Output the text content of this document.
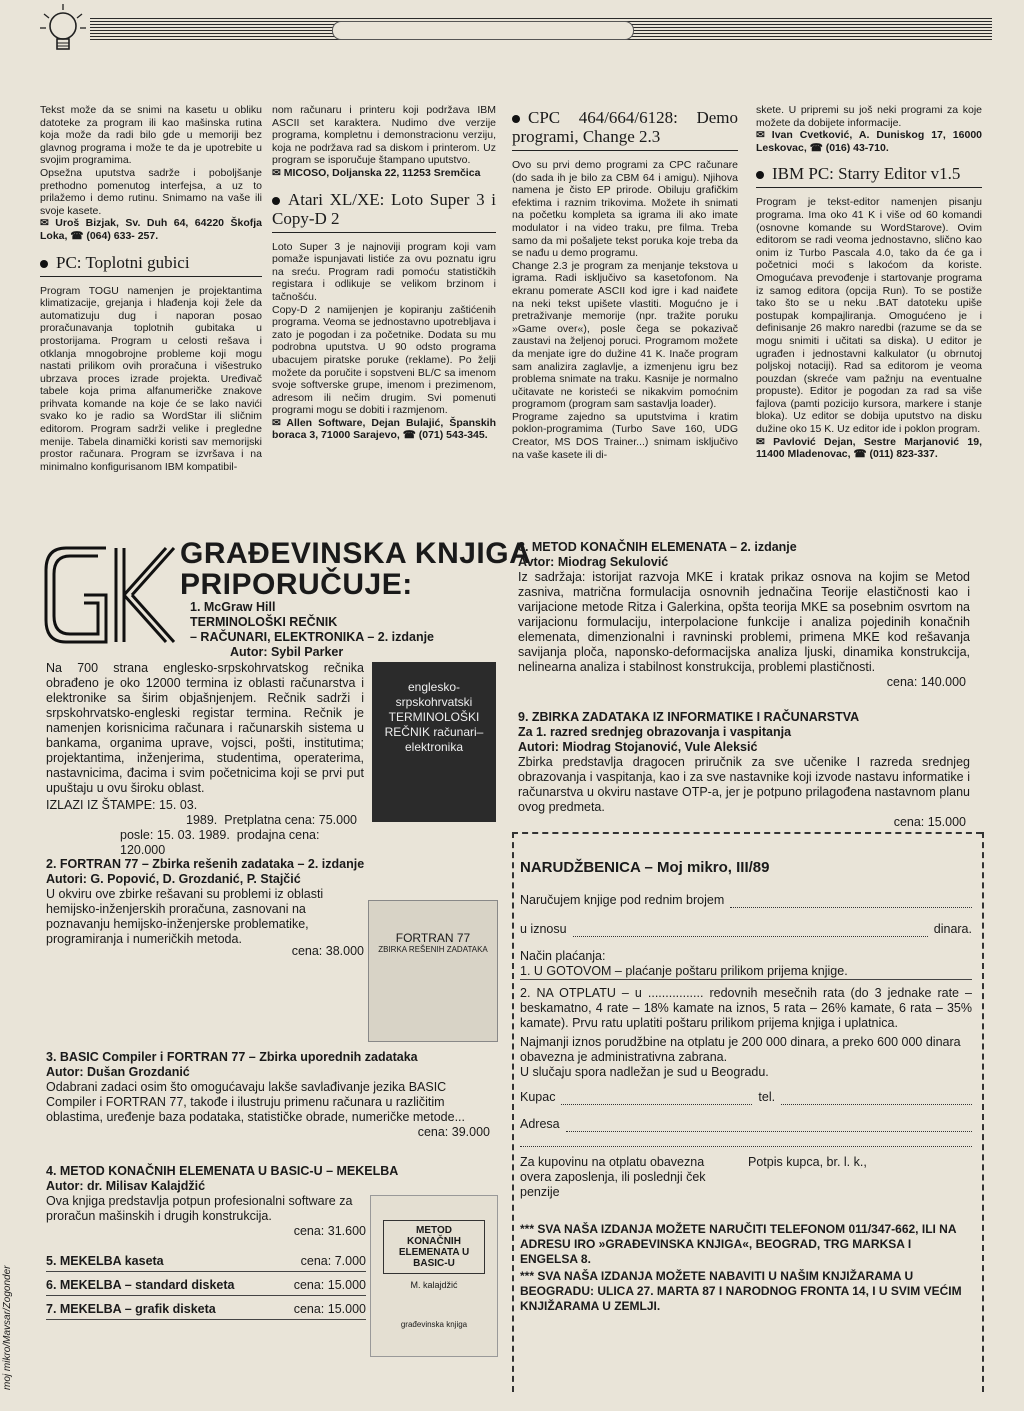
Tekst može da se snimi na kasetu u obliku datoteke za program ili kao mašinska rutina koja može da radi bilo gde u memoriji bez glavnog programa i može te da je upotrebite u svojim programima.

Opsežna uputstva sadrže i poboljšanje prethodno pomenutog interfejsa, a uz to prilažemo i demo rutinu. Snimamo na vaše ili svoje kasete.

✉ Uroš Bizjak, Sv. Duh 64, 64220 Škofja Loka, ☎ (064) 633- 257.

PC: Toplotni gubici

Program TOGU namenjen je projektantima klimatizacije, grejanja i hlađenja koji žele da automatizuju dug i naporan posao proračunavanja toplotnih gubitaka u prostorijama. Program u celosti rešava i otklanja mnogobrojne probleme koji mogu nastati prilikom ovih proračuna i višestruko ubrzava proces izrade projekta. Uređivač tabele koja prima alfanumeričke znakove prihvata komande na koje će se lako navići svako ko je radio sa WordStar ili sličnim editorom. Program sadrži velike i pregledne menije. Tabela dinamički koristi sav memorijski prostor računara. Program se izvršava i na minimalno konfigurisanom IBM kompatibil-

nom računaru i printeru koji podržava IBM ASCII set karaktera. Nudimo dve verzije programa, kompletnu i demonstracionu verziju, koja ne podržava rad sa diskom i printerom. Uz program se isporučuje štampano uputstvo.

✉ MICOSO, Doljanska 22, 11253 Sremčica

Atari XL/XE: Loto Super 3 i Copy-D 2

Loto Super 3 je najnoviji program koji vam pomaže ispunjavati listiće za ovu poznatu igru na sreću. Program radi pomoću statističkih registara i odlikuje se velikom brzinom i tačnošću.

Copy-D 2 namijenjen je kopiranju zaštićenih programa. Veoma se jednostavno upotrebljava i zato je pogodan i za početnike. Dodata su mu podrobna uputstva. U 90 odsto programa ubacujem piratske poruke (reklame). Po želji možete da poručite i sopstveni BL/C sa imenom svoje softverske grupe, imenom i prezimenom, adresom ili nečim drugim. Svi pomenuti programi mogu se dobiti i razmjenom.

✉ Allen Software, Dejan Bulajić, Španskih boraca 3, 71000 Sarajevo, ☎ (071) 543-345.

CPC 464/664/6128: Demo programi, Change 2.3

Ovo su prvi demo programi za CPC računare (do sada ih je bilo za CBM 64 i amigu). Njihova namena je čisto EP prirode. Obiluju grafičkim efektima i raznim trikovima. Možete ih snimati na početku kompleta sa igrama ili ako imate modulator i na video traku, pre filma. Treba samo da mi pošaljete tekst poruka koje treba da se nađu u demo programu.

Change 2.3 je program za menjanje tekstova u igrama. Radi isključivo sa kasetofonom. Na ekranu pomerate ASCII kod igre i kad naiđete na neki tekst upišete vlastiti. Mogućno je i pretraživanje memorije (npr. tražite poruku »Game over«), posle čega se pokazivač zaustavi na željenoj poruci. Programom možete da menjate igre do dužine 41 K. Inače program sam analizira zaglavlje, a izmenjenu igru bez problema snimate na traku. Kasnije je normalno učitavate ne koristeći se nikakvim pomoćnim programom (program sam sastavlja loader).

Programe zajedno sa uputstvima i kratim poklon-programima (Turbo Save 160, UDG Creator, MS DOS Trainer...) snimam isključivo na vaše kasete ili di-

skete. U pripremi su još neki programi za koje možete da dobijete informacije.

✉ Ivan Cvetković, A. Duniskog 17, 16000 Leskovac, ☎ (016) 43-710.

IBM PC: Starry Editor v1.5

Program je tekst-editor namenjen pisanju programa. Ima oko 41 K i više od 60 komandi (osnovne komande su WordStarove). Ovim editorom se radi veoma jednostavno, slično kao onim iz Turbo Pascala 4.0, tako da će ga i početnici moći s lakoćom da koriste. Omogućava prevođenje i startovanje programa iz samog editora (opcija Run). To se postiže tako što se u neku .BAT datoteku upiše postupak kompajliranja. Omogućeno je i definisanje 26 makro naredbi (razume se da se mogu snimiti i učitati sa diska). U editor je ugrađen i jednostavni kalkulator (u obrnutoj poljskoj notaciji). Rad sa editorom je veoma pouzdan (skreće vam pažnju na eventualne propuste). Editor je pogodan za rad sa više fajlova (pamti pozicijo kursora, markere i stanje bloka). Uz editor se dobija uputstvo na disku dužine oko 15 K. Uz editor ide i poklon program.

✉ Pavlović Dejan, Sestre Marjanović 19, 11400 Mladenovac, ☎ (011) 823-337.

GRAĐEVINSKA KNJIGA
PRIPORUČUJE:
1. McGraw Hill
TERMINOLOŠKI REČNIK
– RAČUNARI, ELEKTRONIKA – 2. izdanje
Autor: Sybil Parker
Na 700 strana englesko-srpskohrvatskog rečnika obrađeno je oko 12000 termina iz oblasti računarstva i elektronike sa širim objašnjenjem. Rečnik sadrži i srpskohrvatsko-engleski registar termina. Rečnik je namenjen korisnicima računara i računarskih sistema u bankama, organima uprave, vojsci, pošti, institutima; projektantima, inženjerima, studentima, operaterima, nastavnicima, đacima i svim početnicima koji se prvi put upuštaju u ovu široku oblast.
englesko-srpskohrvatski TERMINOLOŠKI REČNIK računari–elektronika
IZLAZI IZ ŠTAMPE: 15. 03.
1989. Pretplatna cena: 75.000
posle: 15. 03. 1989. prodajna cena: 120.000
2. FORTRAN 77 – Zbirka rešenih zadataka – 2. izdanje
Autori: G. Popović, D. Grozdanić, P. Stajčić
U okviru ove zbirke rešavani su problemi iz oblasti hemijsko-inženjerskih proračuna, zasnovani na poznavanju hemijsko-inženjerske problematike, programiranja i numeričkih metoda.
cena: 38.000
FORTRAN 77
ZBIRKA REŠENIH ZADATAKA
3. BASIC Compiler i FORTRAN 77 – Zbirka uporednih zadataka
Autor: Dušan Grozdanić
Odabrani zadaci osim što omogućavaju lakše savlađivanje jezika BASIC Compiler i FORTRAN 77, takođe i ilustruju primenu računara u različitim oblastima, uređenje baza podataka, statističke obrade, numeričke metode...
cena: 39.000
4. METOD KONAČNIH ELEMENATA U BASIC-U – MEKELBA
Autor: dr. Milisav Kalajdžić
Ova knjiga predstavlja potpun profesionalni software za proračun mašinskih i drugih konstrukcija.
cena: 31.600	METOD KONAČNIH ELEMENATA U BASIC-U
M. kalajdžić
građevinska knjiga
5. MEKELBA kaseta	cena: 7.000
6. MEKELBA – standard disketa	cena: 15.000
7. MEKELBA – grafik disketa	cena: 15.000
8. METOD KONAČNIH ELEMENATA – 2. izdanje
Avtor: Miodrag Sekulović
Iz sadržaja: istorijat razvoja MKE i kratak prikaz osnova na kojim se Metod zasniva, matrična formulacija osnovnih jednačina Teorije elastičnosti kao i varijacione metode Ritza i Galerkina, opšta teorija MKE sa posebnim osvrtom na varijacionu formulaciju, interpolacione funkcije i analiza pojedinih konačnih elemenata, dimenzionalni i ravninski problemi, primena MKE kod rešavanja savijanja ploča, naponsko-deformacijska analiza ljuski, dinamika konstrukcija, nelinearna analiza i stabilnost konstrukcija, problemi plastičnosti.
cena: 140.000
9. ZBIRKA ZADATAKA IZ INFORMATIKE I RAČUNARSTVA
Za 1. razred srednjeg obrazovanja i vaspitanja
Autori: Miodrag Stojanović, Vule Aleksić
Zbirka predstavlja dragocen priručnik za sve učenike I razreda srednjeg obrazovanja i vaspitanja, kao i za sve nastavnike koji izvode nastavu informatike i računarstva u okviru nastave OTP-a, jer je potpuno prilagođena nastavnom planu ovog predmeta.
cena: 15.000
NARUDŽBENICA – Moj mikro, III/89
Naručujem knjige pod rednim brojem
u iznosu	dinara.
Način plaćanja:
1. U GOTOVOM – plaćanje poštaru prilikom prijema knjige.
2. NA OTPLATU – u ................ redovnih mesečnih rata (do 3 jednake rate – beskamatno, 4 rate – 18% kamate na iznos, 5 rata – 26% kamate, 6 rata – 35% kamate). Prvu ratu uplatiti poštaru prilikom prijema knjiga i uplatnica.
Najmanji iznos porudžbine na otplatu je 200 000 dinara, a preko 600 000 dinara obavezna je administrativna zabrana.
U slučaju spora nadležan je sud u Beogradu.
Kupac	tel.
Adresa
Za kupovinu na otplatu obavezna overa zaposlenja, ili poslednji ček penzije
Potpis kupca, br. l. k.,
*** SVA NAŠA IZDANJA MOŽETE NARUČITI TELEFONOM 011/347-662, ILI NA ADRESU IRO »GRAĐEVINSKA KNJIGA«, BEOGRAD, TRG MARKSA I ENGELSA 8.
*** SVA NAŠA IZDANJA MOŽETE NABAVITI U NAŠIM KNJIŽARAMA U BEOGRADU: ULICA 27. MARTA 87 I NARODNOG FRONTA 14, I U SVIM VEĆIM KNJIŽARAMA U ZEMLJI.
moj mikro/Mavsar/Zogonder
